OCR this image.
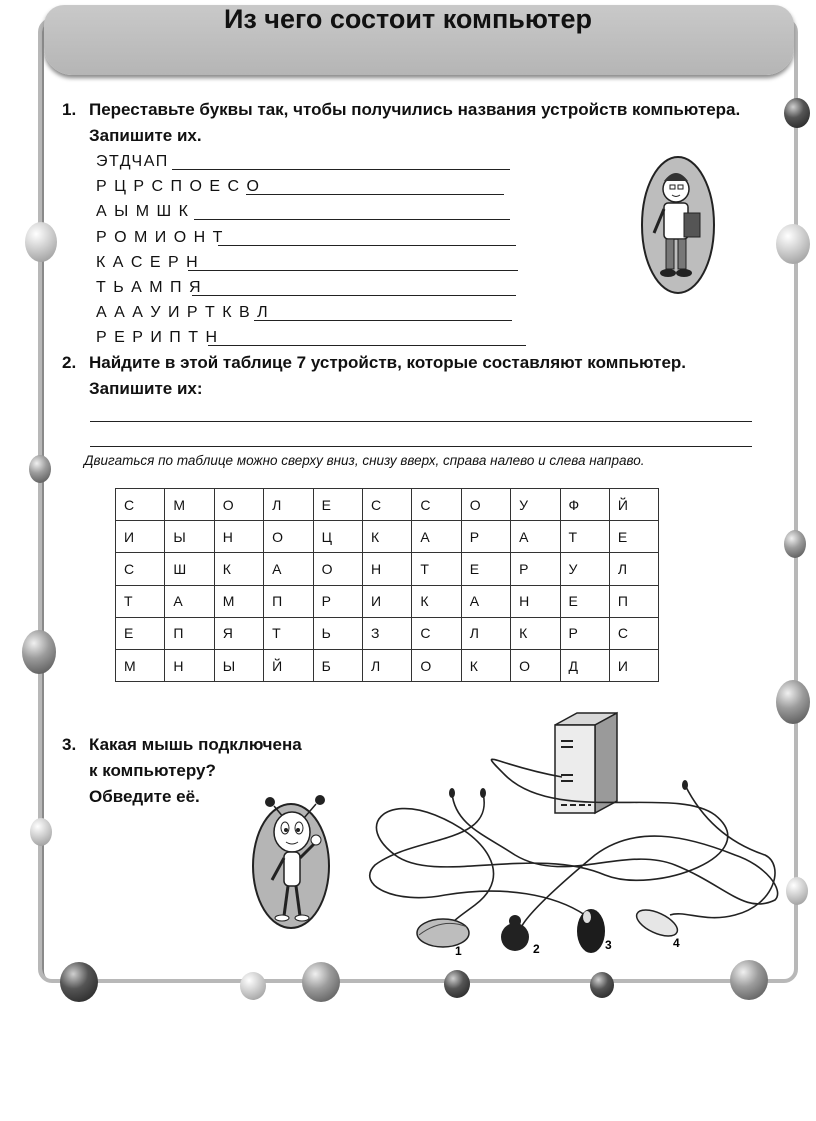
Из чего состоит компьютер
1. Переставьте буквы так, чтобы получились названия устройств компьютера.
Запишите их.
ЭТДЧАП
Р Ц Р С П О Е С О
А Ы М Ш К
Р О М И О Н Т
К А С Е Р Н
Т Ь А М П Я
А А А У И Р Т К В Л
Р Е Р И П Т Н
2. Найдите в этой таблице 7 устройств, которые составляют компьютер.
Запишите их:
Двигаться по таблице можно сверху вниз, снизу вверх, справа налево и слева направо.
С	М	О	Л	Е	С	С	О	У	Ф	Й
И	Ы	Н	О	Ц	К	А	Р	А	Т	Е
С	Ш	К	А	О	Н	Т	Е	Р	У	Л
Т	А	М	П	Р	И	К	А	Н	Е	П
Е	П	Я	Т	Ь	З	С	Л	К	Р	С
М	Н	Ы	Й	Б	Л	О	К	О	Д	И
3. Какая мышь подключена
к компьютеру?
Обведите её.
1	2	3	4
